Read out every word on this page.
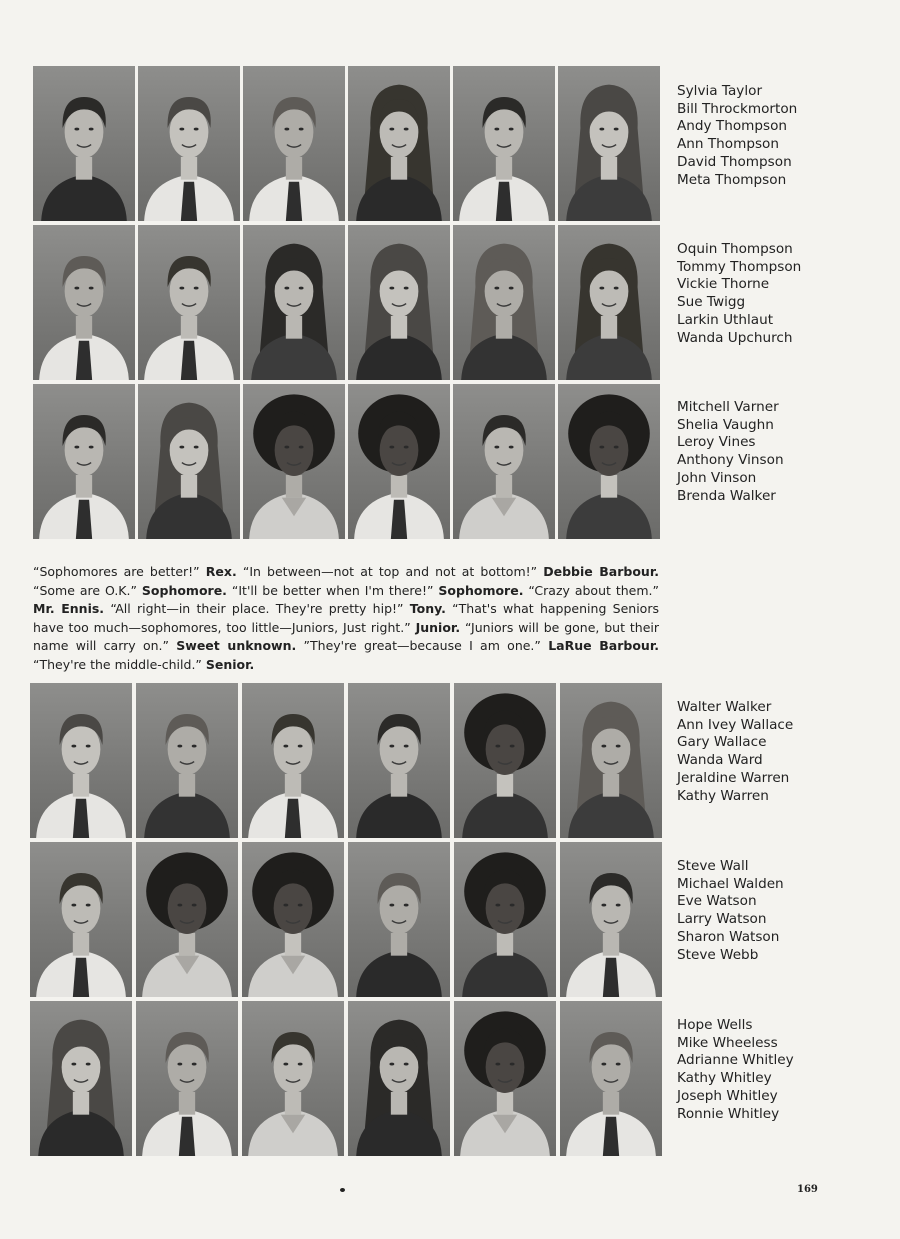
Sylvia Taylor
Bill Throckmorton
Andy Thompson
Ann Thompson
David Thompson
Meta Thompson
Oquin Thompson
Tommy Thompson
Vickie Thorne
Sue Twigg
Larkin Uthlaut
Wanda Upchurch
Mitchell Varner
Shelia Vaughn
Leroy Vines
Anthony Vinson
John Vinson
Brenda Walker
Walter Walker
Ann Ivey Wallace
Gary Wallace
Wanda Ward
Jeraldine Warren
Kathy Warren
Steve Wall
Michael Walden
Eve Watson
Larry Watson
Sharon Watson
Steve Webb
Hope Wells
Mike Wheeless
Adrianne Whitley
Kathy Whitley
Joseph Whitley
Ronnie Whitley
“Sophomores are better!” Rex. “In between—not at top and not at bottom!” Debbie Barbour. “Some are O.K.” Sophomore. “It'll be better when I'm there!” Sophomore. “Crazy about them.” Mr. Ennis. “All right—in their place. They're pretty hip!” Tony. “That's what happening Seniors have too much—sophomores, too little—Juniors, Just right.” Junior. “Juniors will be gone, but their name will carry on.” Sweet unknown. ”They're great—because I am one.” LaRue Barbour. “They're the middle-child.” Senior.
169
